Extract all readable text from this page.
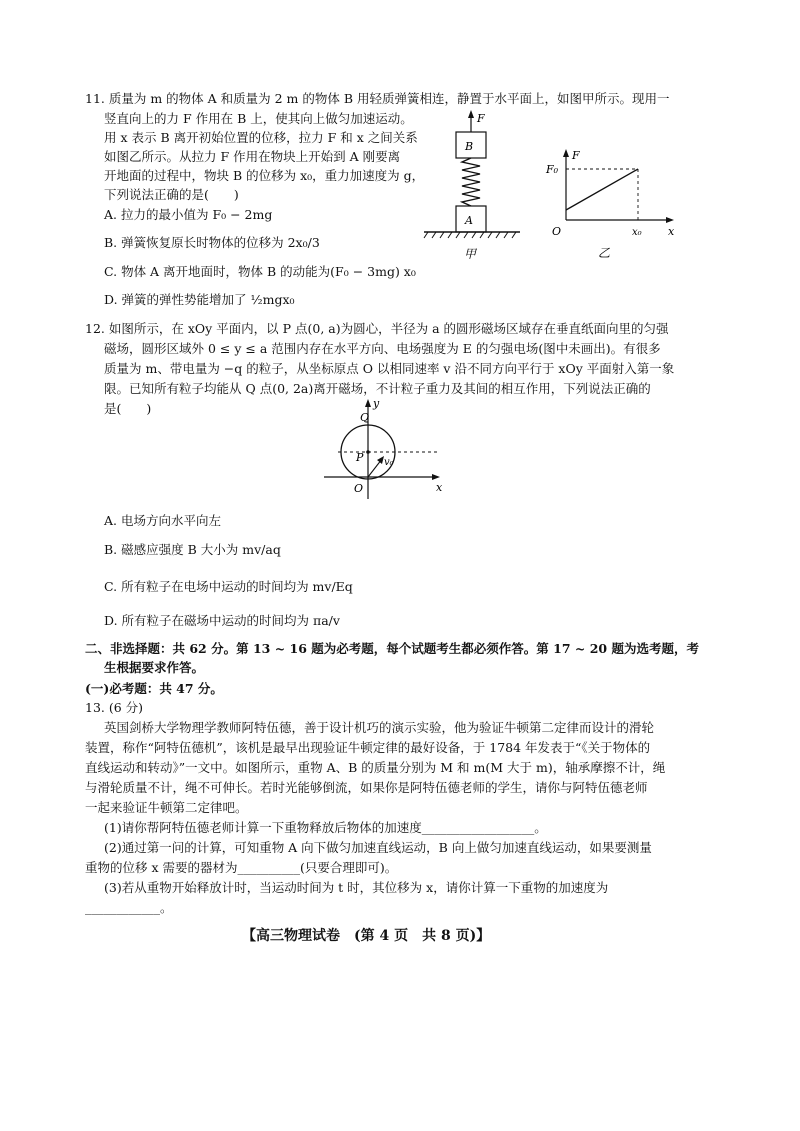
11. 质量为 m 的物体 A 和质量为 2 m 的物体 B 用轻质弹簧相连，静置于水平面上，如图甲所示。现用一
竖直向上的力 F 作用在 B 上，使其向上做匀加速运动。
用 x 表示 B 离开初始位置的位移，拉力 F 和 x 之间关系
如图乙所示。从拉力 F 作用在物块上开始到 A 刚要离
开地面的过程中，物块 B 的位移为 x₀，重力加速度为 g，
下列说法正确的是(　　)
A. 拉力的最小值为 F₀ − 2mg
B. 弹簧恢复原长时物体的位移为 2x₀/3
C. 物体 A 离开地面时，物体 B 的动能为(F₀ − 3mg) x₀
D. 弹簧的弹性势能增加了 ½mgx₀
F
B
A
甲
F
F₀
O	x₀ x
乙
12. 如图所示，在 xOy 平面内，以 P 点(0, a)为圆心，半径为 a 的圆形磁场区域存在垂直纸面向里的匀强
磁场，圆形区域外 0 ≤ y ≤ a 范围内存在水平方向、电场强度为 E 的匀强电场(图中未画出)。有很多
质量为 m、带电量为 −q 的粒子，从坐标原点 O 以相同速率 v 沿不同方向平行于 xOy 平面射入第一象
限。已知所有粒子均能从 Q 点(0, 2a)离开磁场，不计粒子重力及其间的相互作用，下列说法正确的
是(　　)	y
x
Q
P v₀
O
A. 电场方向水平向左
B. 磁感应强度 B 大小为 mv/aq
C. 所有粒子在电场中运动的时间均为 mv/Eq
D. 所有粒子在磁场中运动的时间均为 πa/v
二、非选择题：共 62 分。第 13 ~ 16 题为必考题，每个试题考生都必须作答。第 17 ~ 20 题为选考题，考
生根据要求作答。
(一)必考题：共 47 分。
13. (6 分)
英国剑桥大学物理学教师阿特伍德，善于设计机巧的演示实验，他为验证牛顿第二定律而设计的滑轮
装置，称作“阿特伍德机”，该机是最早出现验证牛顿定律的最好设备，于 1784 年发表于“《关于物体的
直线运动和转动》”一文中。如图所示，重物 A、B 的质量分别为 M 和 m(M 大于 m)，轴承摩擦不计，绳
与滑轮质量不计，绳不可伸长。若时光能够倒流，如果你是阿特伍德老师的学生，请你与阿特伍德老师
一起来验证牛顿第二定律吧。
(1)请你帮阿特伍德老师计算一下重物释放后物体的加速度__________________。
(2)通过第一问的计算，可知重物 A 向下做匀加速直线运动，B 向上做匀加速直线运动，如果要测量
重物的位移 x 需要的器材为__________(只要合理即可)。
(3)若从重物开始释放计时，当运动时间为 t 时，其位移为 x，请你计算一下重物的加速度为
____________。
【高三物理试卷　(第 4 页　共 8 页)】
